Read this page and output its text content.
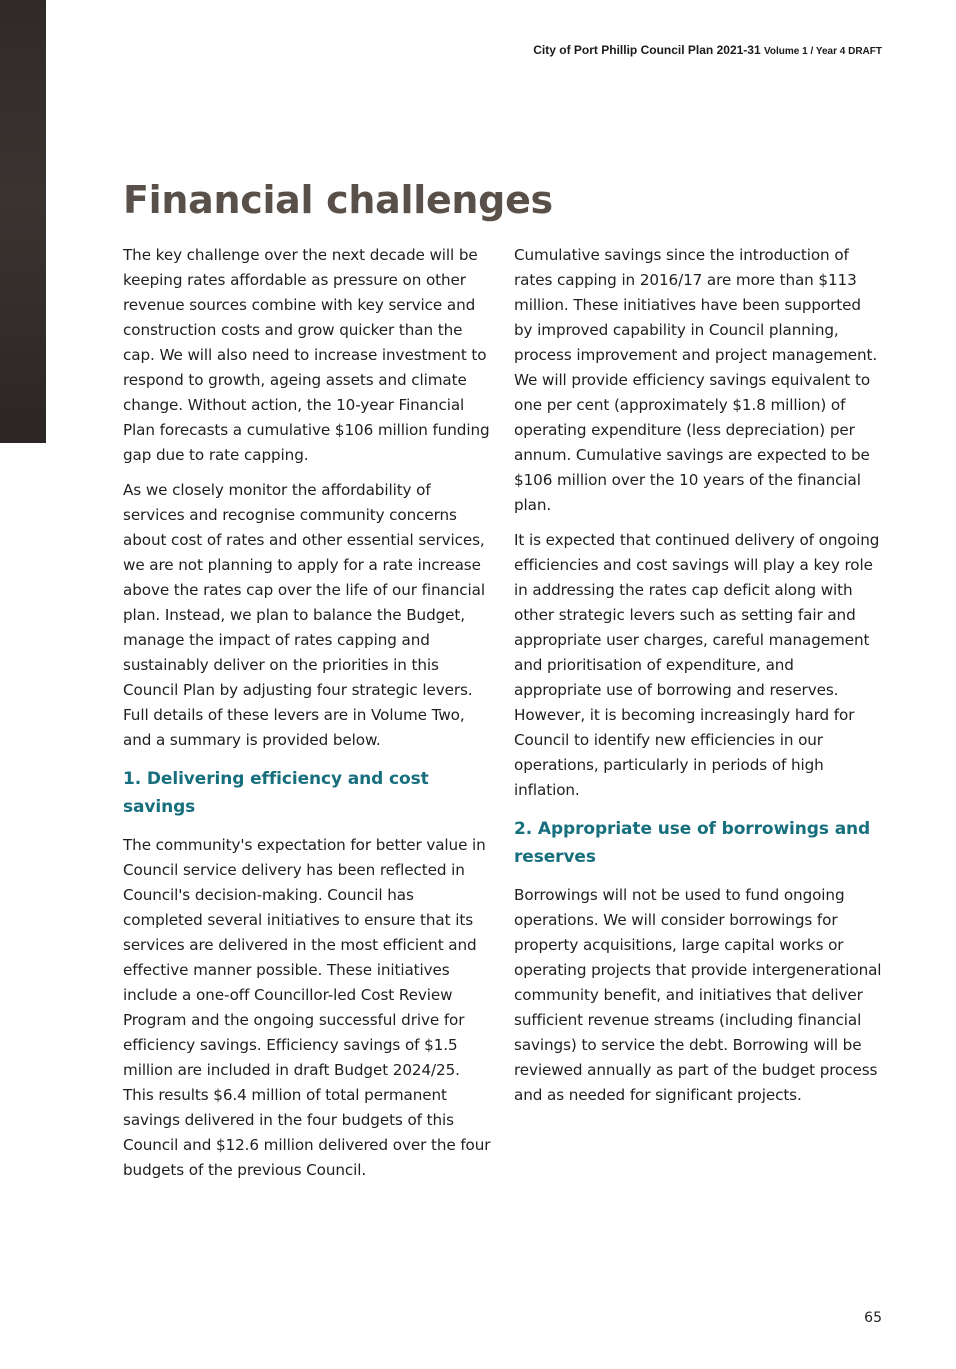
City of Port Phillip Council Plan 2021-31 Volume 1 / Year 4 DRAFT
Financial challenges

The key challenge over the next decade will be keeping rates affordable as pressure on other revenue sources combine with key service and construction costs and grow quicker than the cap. We will also need to increase investment to respond to growth, ageing assets and climate change. Without action, the 10-year Financial Plan forecasts a cumulative $106 million funding gap due to rate capping.

As we closely monitor the affordability of services and recognise community concerns about cost of rates and other essential services, we are not planning to apply for a rate increase above the rates cap over the life of our financial plan. Instead, we plan to balance the Budget, manage the impact of rates capping and sustainably deliver on the priorities in this Council Plan by adjusting four strategic levers. Full details of these levers are in Volume Two, and a summary is provided below.

1. Delivering efficiency and cost savings

The community's expectation for better value in Council service delivery has been reflected in Council's decision-making. Council has completed several initiatives to ensure that its services are delivered in the most efficient and effective manner possible. These initiatives include a one-off Councillor-led Cost Review Program and the ongoing successful drive for efficiency savings. Efficiency savings of $1.5 million are included in draft Budget 2024/25. This results $6.4 million of total permanent savings delivered in the four budgets of this Council and $12.6 million delivered over the four budgets of the previous Council.

Cumulative savings since the introduction of rates capping in 2016/17 are more than $113 million. These initiatives have been supported by improved capability in Council planning, process improvement and project management. We will provide efficiency savings equivalent to one per cent (approximately $1.8 million) of operating expenditure (less depreciation) per annum. Cumulative savings are expected to be $106 million over the 10 years of the financial plan.

It is expected that continued delivery of ongoing efficiencies and cost savings will play a key role in addressing the rates cap deficit along with other strategic levers such as setting fair and appropriate user charges, careful management and prioritisation of expenditure, and appropriate use of borrowing and reserves. However, it is becoming increasingly hard for Council to identify new efficiencies in our operations, particularly in periods of high inflation.

2. Appropriate use of borrowings and reserves

Borrowings will not be used to fund ongoing operations. We will consider borrowings for property acquisitions, large capital works or operating projects that provide intergenerational community benefit, and initiatives that deliver sufficient revenue streams (including financial savings) to service the debt. Borrowing will be reviewed annually as part of the budget process and as needed for significant projects.

65
